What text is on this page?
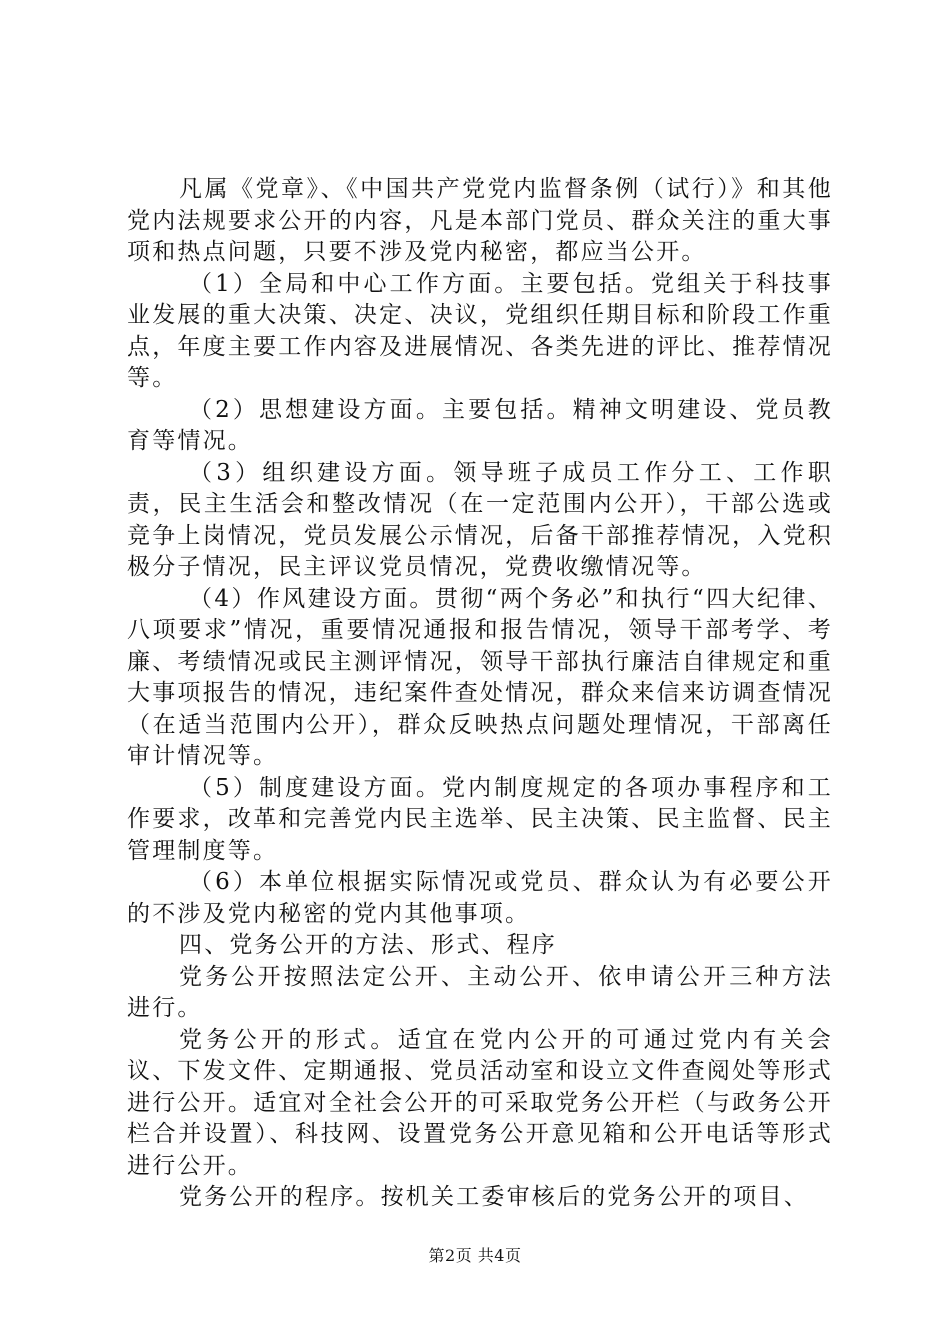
凡属《党章》、《中国共产党党内监督条例（试行）》和其他党内法规要求公开的内容，凡是本部门党员、群众关注的重大事项和热点问题，只要不涉及党内秘密，都应当公开。

（1）全局和中心工作方面。主要包括。党组关于科技事业发展的重大决策、决定、决议，党组织任期目标和阶段工作重点，年度主要工作内容及进展情况、各类先进的评比、推荐情况等。

（2）思想建设方面。主要包括。精神文明建设、党员教育等情况。

（3）组织建设方面。领导班子成员工作分工、工作职责，民主生活会和整改情况（在一定范围内公开），干部公选或竞争上岗情况，党员发展公示情况，后备干部推荐情况，入党积极分子情况，民主评议党员情况，党费收缴情况等。

（4）作风建设方面。贯彻“两个务必”和执行“四大纪律、八项要求”情况，重要情况通报和报告情况，领导干部考学、考廉、考绩情况或民主测评情况，领导干部执行廉洁自律规定和重大事项报告的情况，违纪案件查处情况，群众来信来访调查情况（在适当范围内公开），群众反映热点问题处理情况，干部离任审计情况等。

（5）制度建设方面。党内制度规定的各项办事程序和工作要求，改革和完善党内民主选举、民主决策、民主监督、民主管理制度等。

（6）本单位根据实际情况或党员、群众认为有必要公开的不涉及党内秘密的党内其他事项。

四、党务公开的方法、形式、程序

党务公开按照法定公开、主动公开、依申请公开三种方法进行。

党务公开的形式。适宜在党内公开的可通过党内有关会议、下发文件、定期通报、党员活动室和设立文件查阅处等形式进行公开。适宜对全社会公开的可采取党务公开栏（与政务公开栏合并设置）、科技网、设置党务公开意见箱和公开电话等形式进行公开。

党务公开的程序。按机关工委审核后的党务公开的项目、

第2页 共4页
